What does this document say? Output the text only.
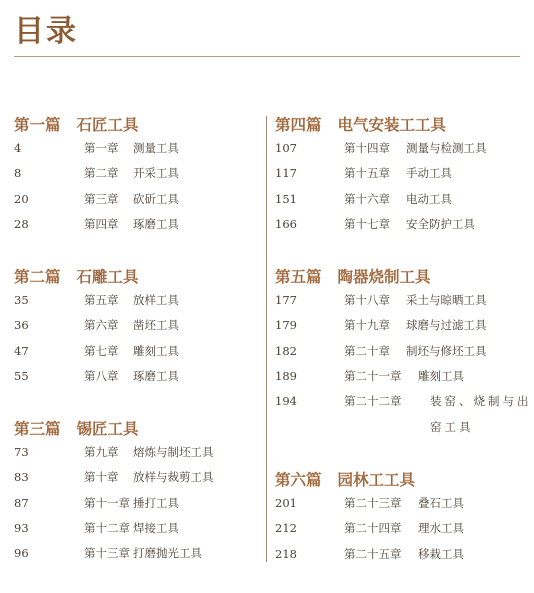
目录
第一篇 石匠工具
4	第一章 测量工具
8	第二章 开采工具
20	第三章 砍斫工具
28	第四章 琢磨工具
第二篇 石雕工具
35	第五章 放样工具
36	第六章 凿坯工具
47	第七章 雕刻工具
55	第八章 琢磨工具
第三篇 锡匠工具
73	第九章 熔炼与制坯工具
83	第十章 放样与裁剪工具
87	第十一章 捶打工具
93	第十二章 焊接工具
96	第十三章 打磨抛光工具
第四篇 电气安装工工具
107	第十四章 测量与检测工具
117	第十五章 手动工具
151	第十六章 电动工具
166	第十七章 安全防护工具
第五篇 陶器烧制工具
177	第十八章 采土与晾晒工具
179	第十九章 球磨与过滤工具
182	第二十章 制坯与修坯工具
189	第二十一章 雕刻工具
194	第二十二章 装窑、烧制与出窑工具
第六篇 园林工工具
201	第二十三章 叠石工具
212	第二十四章 理水工具
218	第二十五章 移栽工具
